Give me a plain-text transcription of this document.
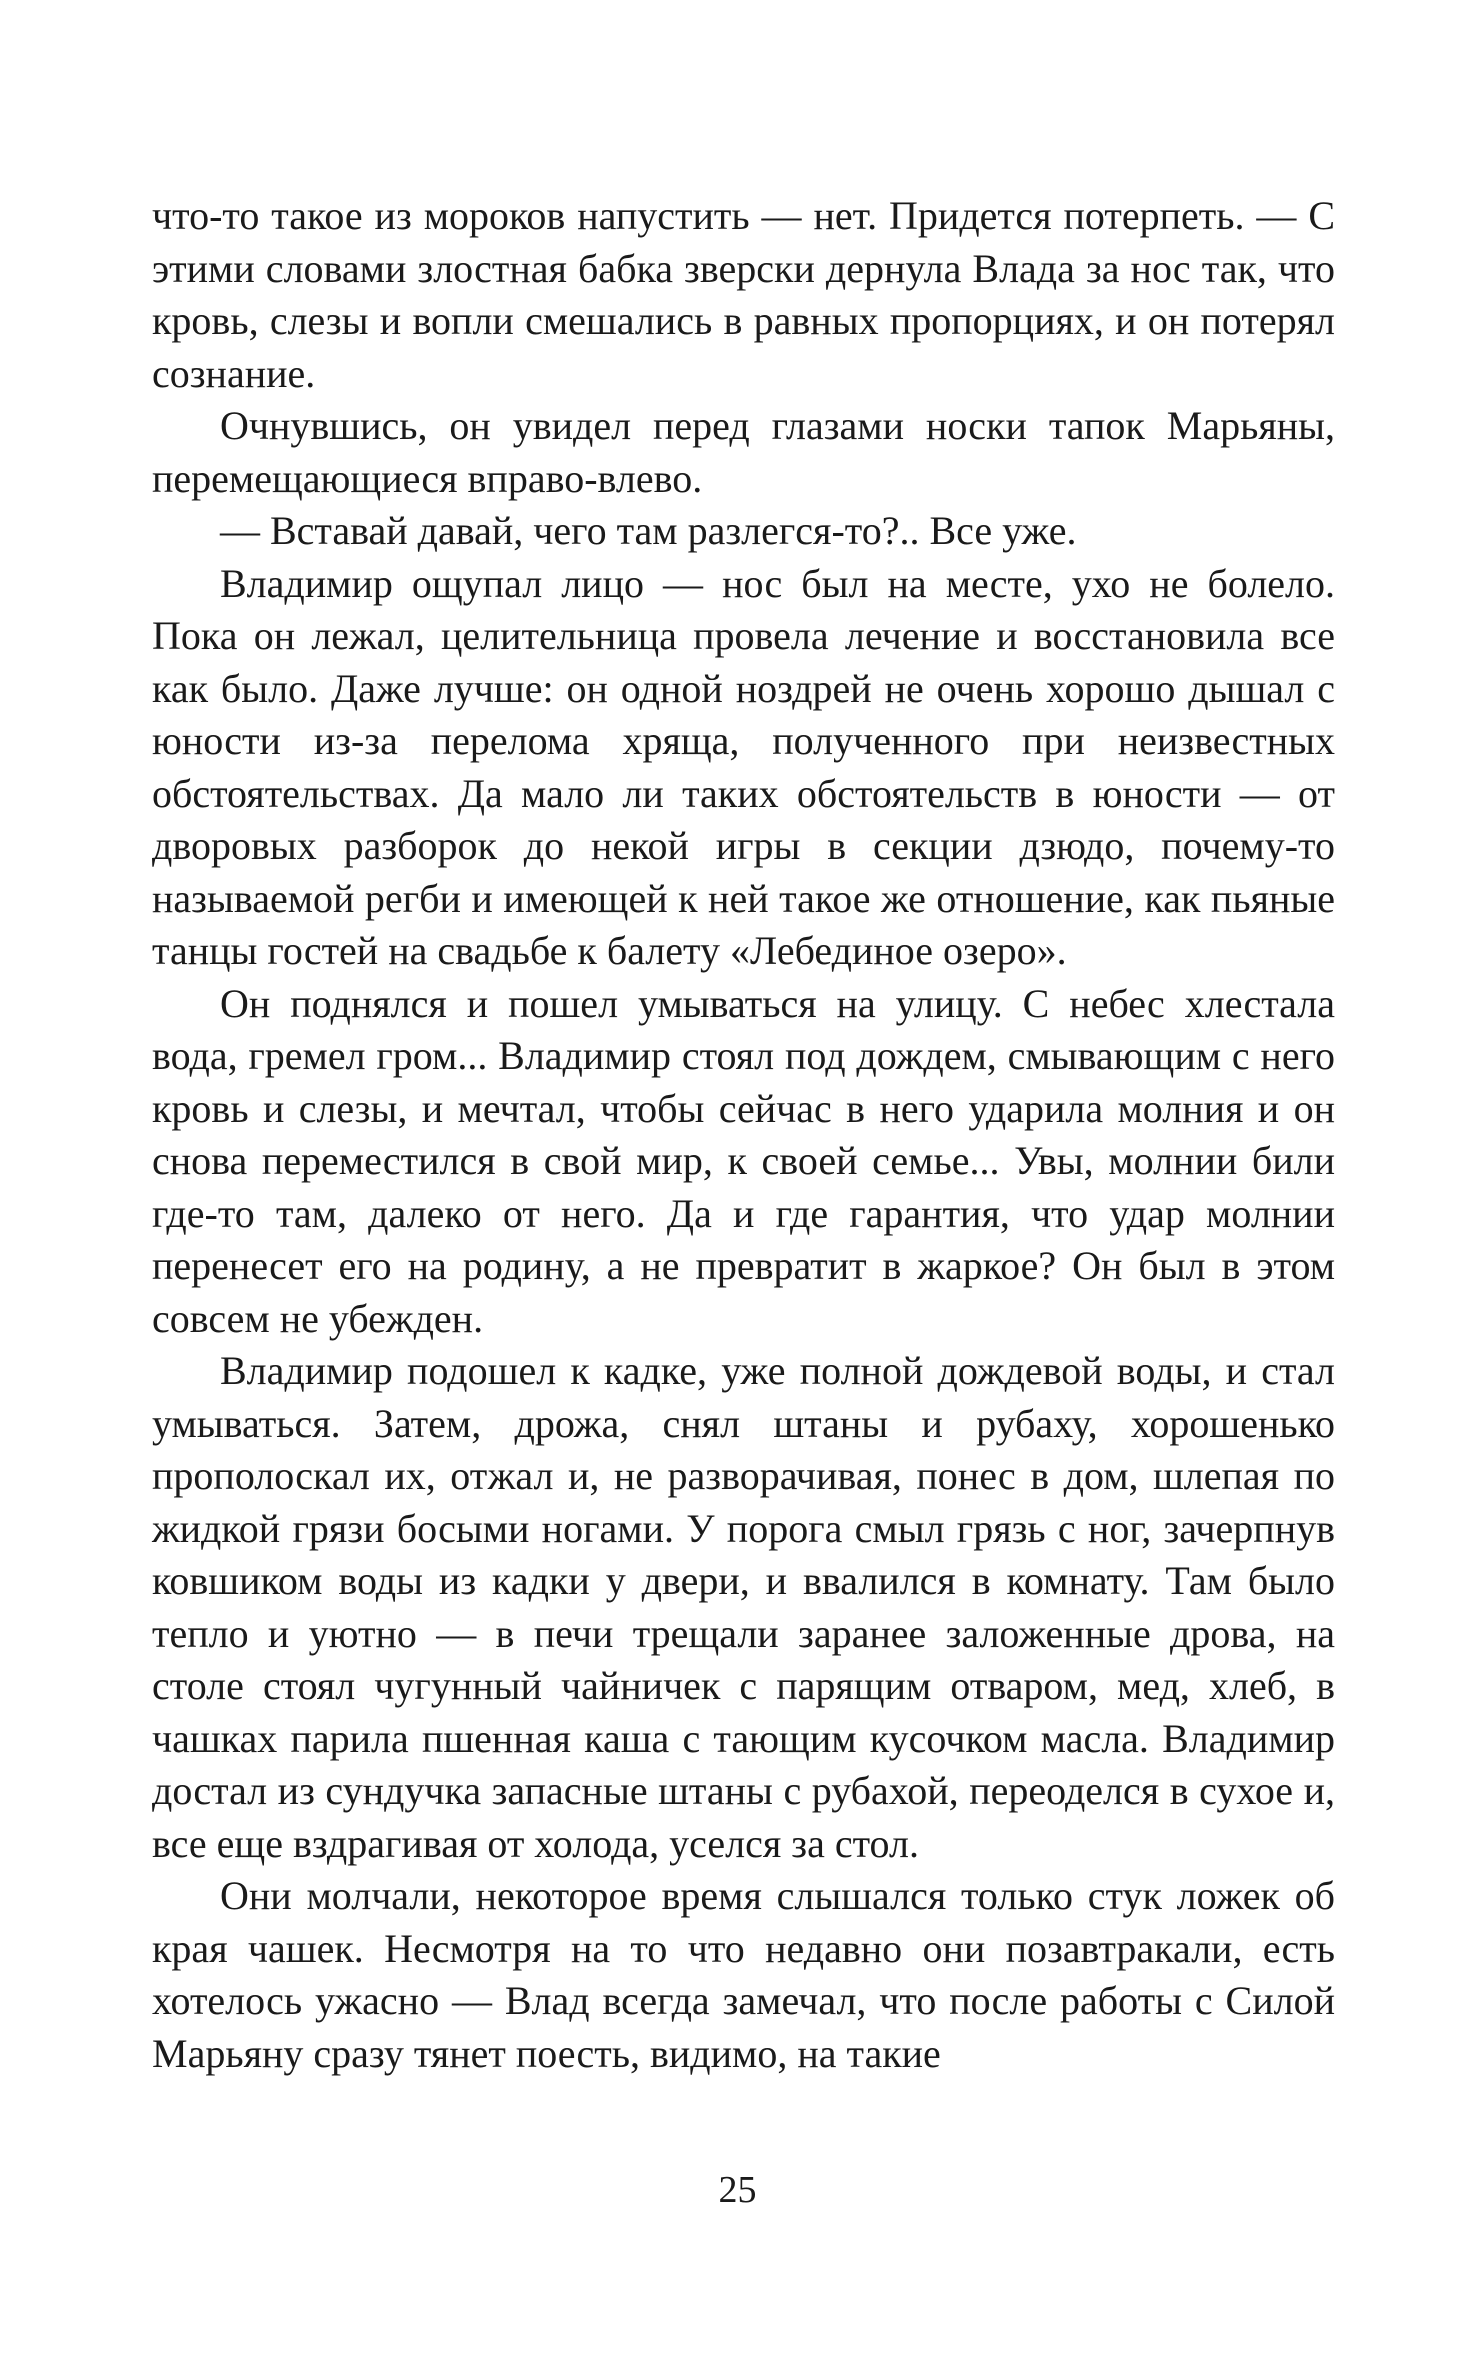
что-то такое из мороков напустить — нет. Придется потерпеть. — С этими словами злостная бабка зверски дернула Влада за нос так, что кровь, слезы и вопли смешались в равных пропорциях, и он потерял сознание.

Очнувшись, он увидел перед глазами носки тапок Марьяны, перемещающиеся вправо-влево.

— Вставай давай, чего там разлегся-то?.. Все уже.

Владимир ощупал лицо — нос был на месте, ухо не болело. Пока он лежал, целительница провела лечение и восстановила все как было. Даже лучше: он одной ноздрей не очень хорошо дышал с юности из-за перелома хряща, полученного при неизвестных обстоятельствах. Да мало ли таких обстоятельств в юности — от дворовых разборок до некой игры в секции дзюдо, почему-то называемой регби и имеющей к ней такое же отношение, как пьяные танцы гостей на свадьбе к балету «Лебединое озеро».

Он поднялся и пошел умываться на улицу. С небес хлестала вода, гремел гром... Владимир стоял под дождем, смывающим с него кровь и слезы, и мечтал, чтобы сейчас в него ударила молния и он снова переместился в свой мир, к своей семье... Увы, молнии били где-то там, далеко от него. Да и где гарантия, что удар молнии перенесет его на родину, а не превратит в жаркое? Он был в этом совсем не убежден.

Владимир подошел к кадке, уже полной дождевой воды, и стал умываться. Затем, дрожа, снял штаны и рубаху, хорошенько прополоскал их, отжал и, не разворачивая, понес в дом, шлепая по жидкой грязи босыми ногами. У порога смыл грязь с ног, зачерпнув ковшиком воды из кадки у двери, и ввалился в комнату. Там было тепло и уютно — в печи трещали заранее заложенные дрова, на столе стоял чугунный чайничек с парящим отваром, мед, хлеб, в чашках парила пшенная каша с тающим кусочком масла. Владимир достал из сундучка запасные штаны с рубахой, переоделся в сухое и, все еще вздрагивая от холода, уселся за стол.

Они молчали, некоторое время слышался только стук ложек об края чашек. Несмотря на то что недавно они позавтракали, есть хотелось ужасно — Влад всегда замечал, что после работы с Силой Марьяну сразу тянет поесть, видимо, на такие

25
